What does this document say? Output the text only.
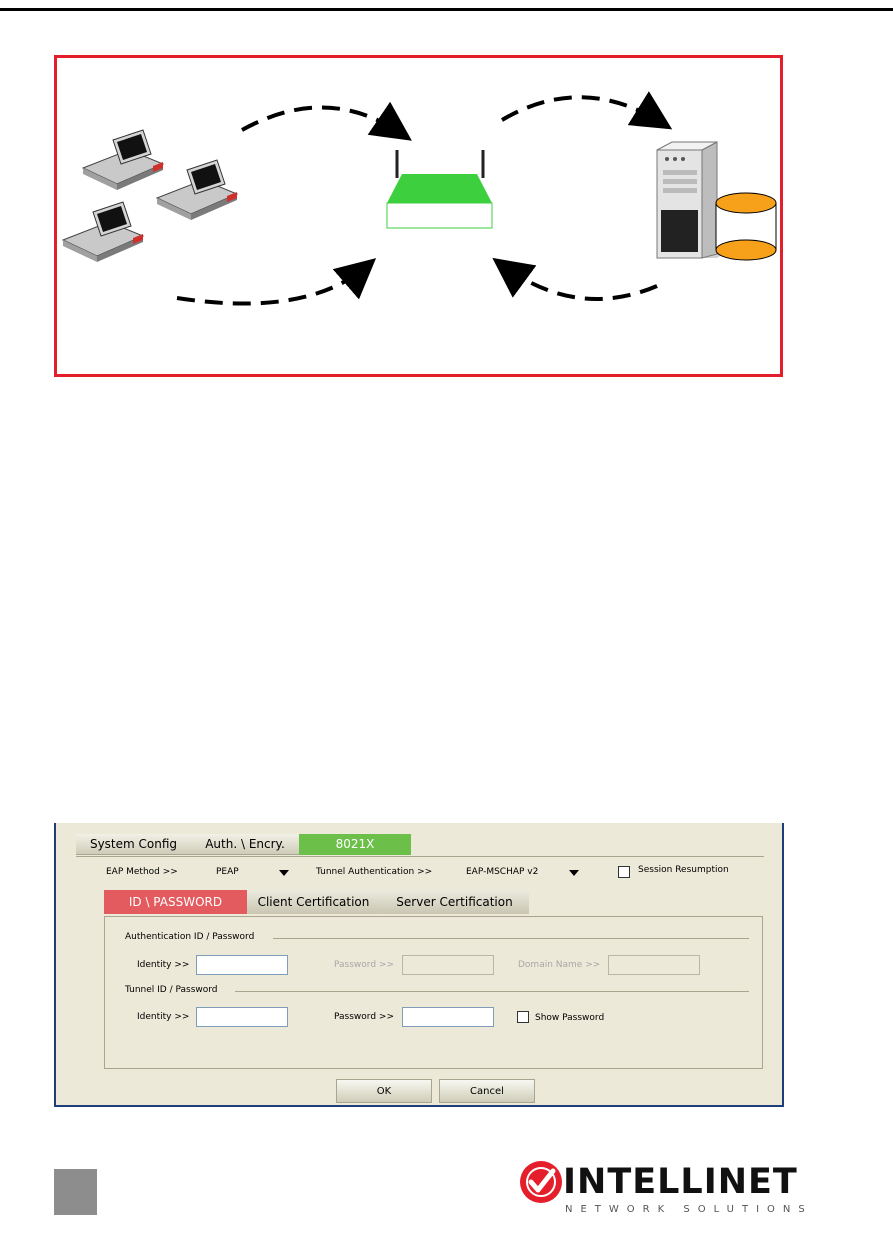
System Config	Auth. \ Encry.	8021X
EAP Method >>	PEAP	Tunnel Authentication >>	EAP-MSCHAP v2	Session Resumption
ID \ PASSWORD	Client Certification	Server Certification
Authentication ID / Password
Identity >>	Password >>	Domain Name >>
Tunnel ID / Password
Identity >>	Password >>	Show Password
OK	Cancel
INTELLINET
NETWORK SOLUTIONS
